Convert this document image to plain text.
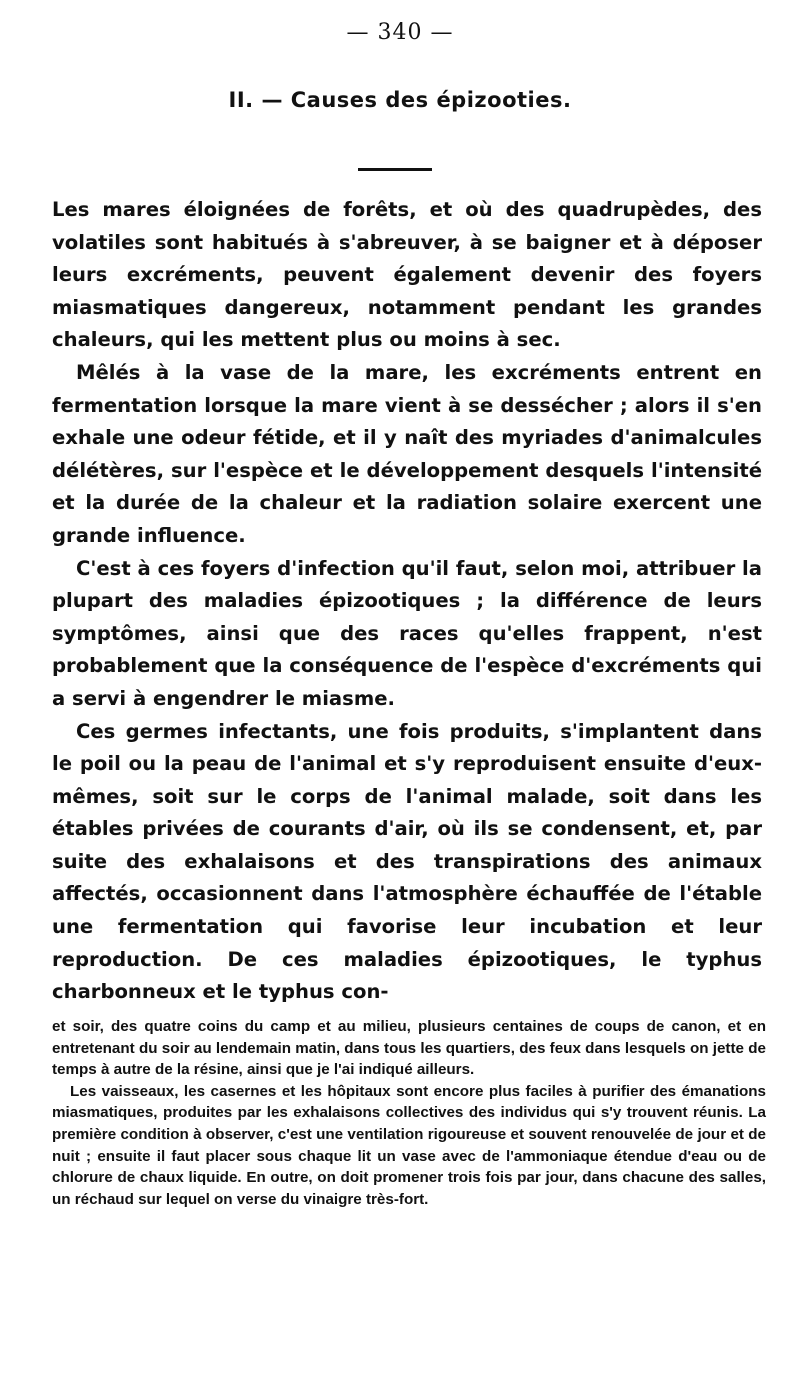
— 340 —
II. — Causes des épizooties.

Les mares éloignées de forêts, et où des quadrupèdes, des volatiles sont habitués à s'abreuver, à se baigner et à déposer leurs excréments, peuvent également devenir des foyers miasmatiques dangereux, notamment pendant les grandes chaleurs, qui les mettent plus ou moins à sec.

Mêlés à la vase de la mare, les excréments entrent en fermentation lorsque la mare vient à se dessécher ; alors il s'en exhale une odeur fétide, et il y naît des myriades d'animalcules délétères, sur l'espèce et le développement desquels l'intensité et la durée de la chaleur et la radiation solaire exercent une grande influence.

C'est à ces foyers d'infection qu'il faut, selon moi, attribuer la plupart des maladies épizootiques ; la différence de leurs symptômes, ainsi que des races qu'elles frappent, n'est probablement que la conséquence de l'espèce d'excréments qui a servi à engendrer le miasme.

Ces germes infectants, une fois produits, s'implantent dans le poil ou la peau de l'animal et s'y reproduisent ensuite d'eux-mêmes, soit sur le corps de l'animal malade, soit dans les étables privées de courants d'air, où ils se condensent, et, par suite des exhalaisons et des transpirations des animaux affectés, occasionnent dans l'atmosphère échauffée de l'étable une fermentation qui favorise leur incubation et leur reproduction. De ces maladies épizootiques, le typhus charbonneux et le typhus con-

et soir, des quatre coins du camp et au milieu, plusieurs centaines de coups de canon, et en entretenant du soir au lendemain matin, dans tous les quartiers, des feux dans lesquels on jette de temps à autre de la résine, ainsi que je l'ai indiqué ailleurs.

Les vaisseaux, les casernes et les hôpitaux sont encore plus faciles à purifier des émanations miasmatiques, produites par les exhalaisons collectives des individus qui s'y trouvent réunis. La première condition à observer, c'est une ventilation rigoureuse et souvent renouvelée de jour et de nuit ; ensuite il faut placer sous chaque lit un vase avec de l'ammoniaque étendue d'eau ou de chlorure de chaux liquide. En outre, on doit promener trois fois par jour, dans chacune des salles, un réchaud sur lequel on verse du vinaigre très-fort.
